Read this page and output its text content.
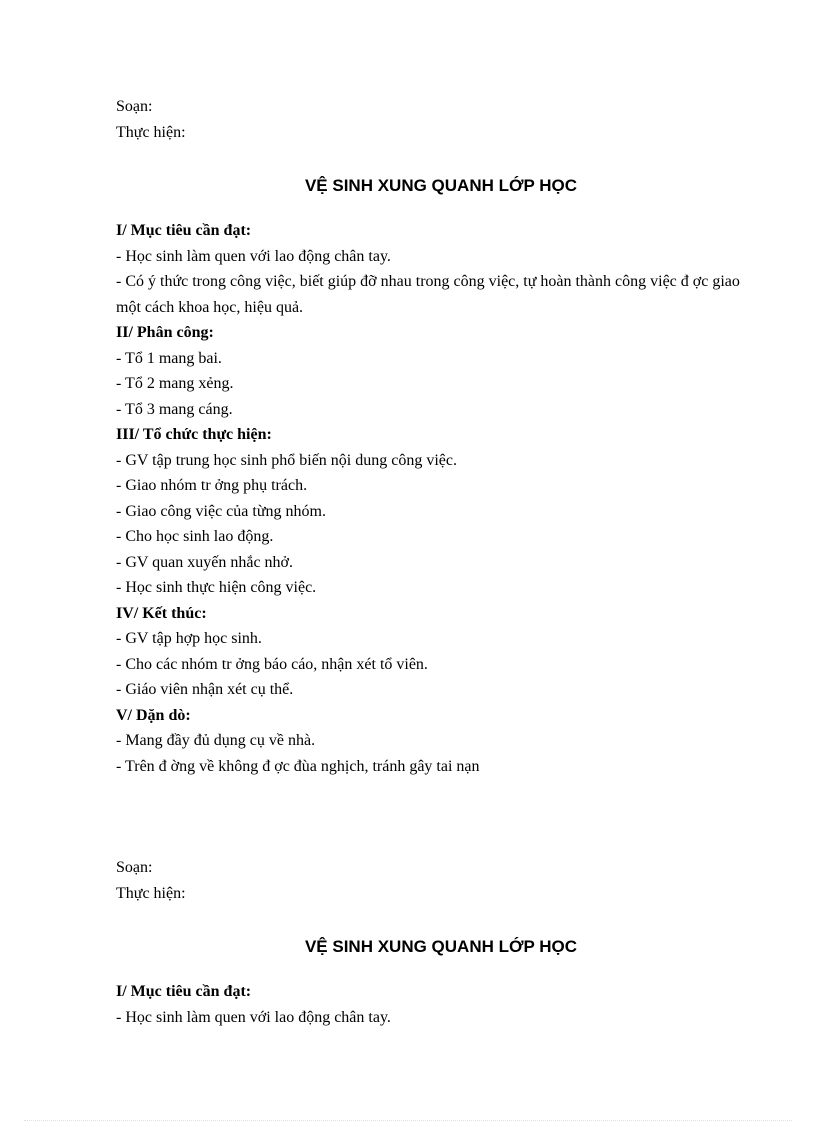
Soạn:
Thực hiện:
VỆ SINH XUNG QUANH LỚP HỌC
I/ Mục tiêu cần đạt:
- Học sinh làm quen với lao động chân tay.
- Có ý thức trong công việc, biết giúp đỡ nhau trong công việc, tự hoàn thành công việc đ ợc giao một cách khoa học, hiệu quả.
II/ Phân công:
- Tổ 1 mang bai.
- Tổ 2 mang xẻng.
- Tổ 3 mang cáng.
III/ Tổ chức thực hiện:
- GV tập trung học sinh phổ biến nội dung công việc.
- Giao nhóm tr ởng phụ trách.
- Giao công việc của từng nhóm.
- Cho học sinh lao động.
- GV quan xuyến nhắc nhở.
- Học sinh thực hiện công việc.
IV/ Kết thúc:
- GV tập hợp học sinh.
- Cho các nhóm tr ởng báo cáo, nhận xét tổ viên.
- Giáo viên nhận xét cụ thể.
V/ Dặn dò:
- Mang đầy đủ dụng cụ về nhà.
- Trên đ ờng về không đ ợc đùa nghịch, tránh gây tai nạn
Soạn:
Thực hiện:
VỆ SINH XUNG QUANH LỚP HỌC
I/ Mục tiêu cần đạt:
- Học sinh làm quen với lao động chân tay.
